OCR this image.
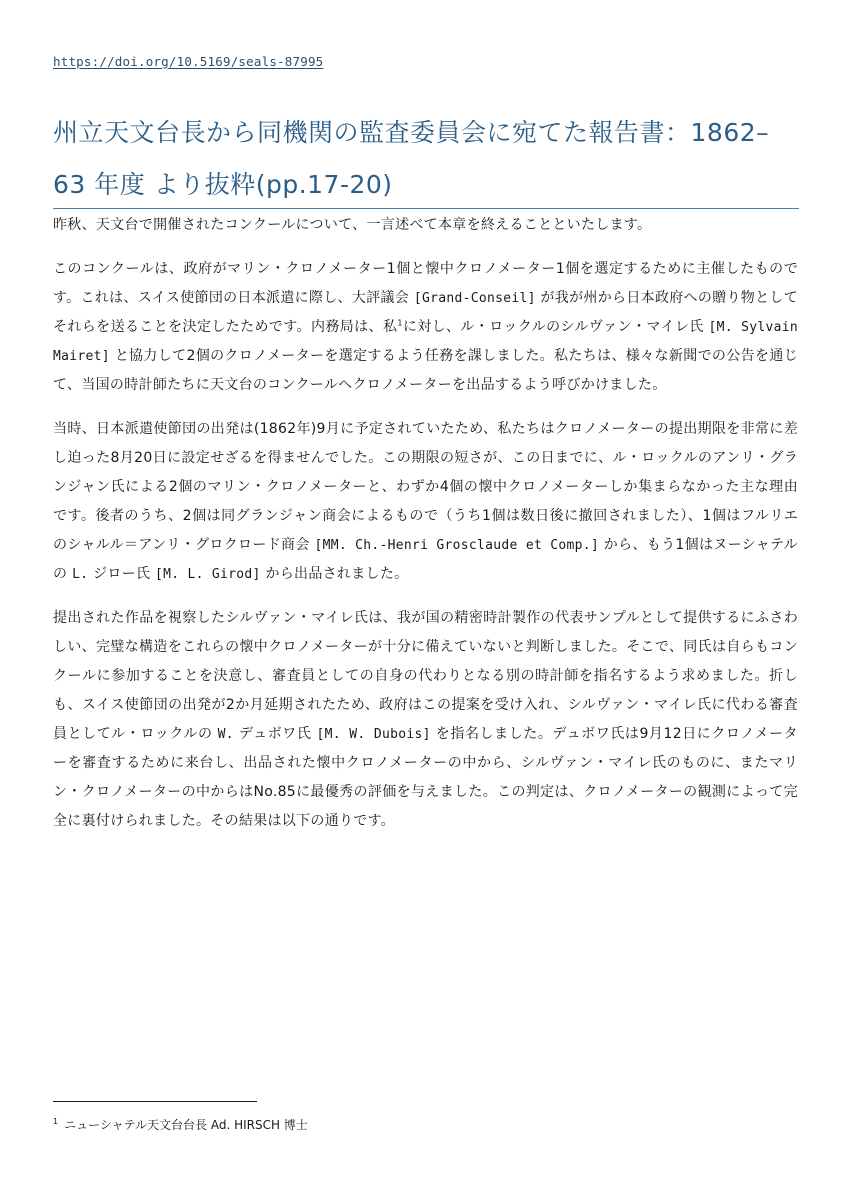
https://doi.org/10.5169/seals-87995
州立天文台長から同機関の監査委員会に宛てた報告書：1862–63 年度 より抜粋(pp.17-20)

昨秋、天文台で開催されたコンクールについて、一言述べて本章を終えることといたします。

このコンクールは、政府がマリン・クロノメーター1個と懐中クロノメーター1個を選定するために主催したものです。これは、スイス使節団の日本派遣に際し、大評議会 [Grand-Conseil] が我が州から日本政府への贈り物としてそれらを送ることを決定したためです。内務局は、私$^1$に対し、ル・ロックルのシルヴァン・マイレ氏 [M. Sylvain Mairet] と協力して2個のクロノメーターを選定するよう任務を課しました。私たちは、様々な新聞での公告を通じて、当国の時計師たちに天文台のコンクールへクロノメーターを出品するよう呼びかけました。

当時、日本派遣使節団の出発は(1862年)9月に予定されていたため、私たちはクロノメーターの提出期限を非常に差し迫った8月20日に設定せざるを得ませんでした。この期限の短さが、この日までに、ル・ロックルのアンリ・グランジャン氏による2個のマリン・クロノメーターと、わずか4個の懐中クロノメーターしか集まらなかった主な理由です。後者のうち、2個は同グランジャン商会によるもので（うち1個は数日後に撤回されました）、1個はフルリエのシャルル＝アンリ・グロクロード商会 [MM. Ch.-Henri Grosclaude et Comp.] から、もう1個はヌーシャテルの L. ジロー氏 [M. L. Girod] から出品されました。

提出された作品を視察したシルヴァン・マイレ氏は、我が国の精密時計製作の代表サンプルとして提供するにふさわしい、完璧な構造をこれらの懐中クロノメーターが十分に備えていないと判断しました。そこで、同氏は自らもコンクールに参加することを決意し、審査員としての自身の代わりとなる別の時計師を指名するよう求めました。折しも、スイス使節団の出発が2か月延期されたため、政府はこの提案を受け入れ、シルヴァン・マイレ氏に代わる審査員としてル・ロックルの W. デュボワ氏 [M. W. Dubois] を指名しました。デュボワ氏は9月12日にクロノメーターを審査するために来台し、出品された懐中クロノメーターの中から、シルヴァン・マイレ氏のものに、またマリン・クロノメーターの中からはNo.85に最優秀の評価を与えました。この判定は、クロノメーターの観測によって完全に裏付けられました。その結果は以下の通りです。

$^1$ ニューシャテル天文台台長 Ad. HIRSCH 博士
